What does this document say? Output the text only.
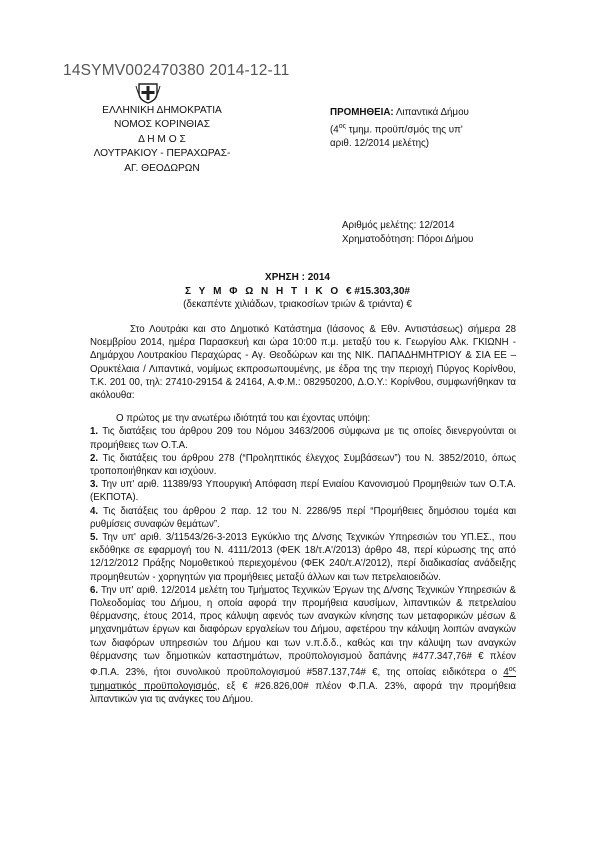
14SYMV002470380 2014-12-11
ΕΛΛΗΝΙΚΗ ΔΗΜΟΚΡΑΤΙΑ
ΝΟΜΟΣ ΚΟΡΙΝΘΙΑΣ
Δ Η Μ Ο Σ
ΛΟΥΤΡΑΚΙΟΥ - ΠΕΡΑΧΩΡΑΣ-
ΑΓ. ΘΕΟΔΩΡΩΝ
ΠΡΟΜΗΘΕΙΑ: Λιπαντικά Δήμου
($4^{o\varsigma}$ τμημ. προϋπ/σμός της υπ'
αριθ. 12/2014 μελέτης)
Αριθμός μελέτης: 12/2014
Χρηματοδότηση: Πόροι Δήμου
ΧΡΗΣΗ : 2014
Σ Υ Μ Φ Ω Ν Η Τ Ι Κ Ο € #15.303,30#
(δεκαπέντε χιλιάδων, τριακοσίων τριών & τριάντα) €

Στο Λουτράκι και στο Δημοτικό Κατάστημα (Ιάσονος & Εθν. Αντιστάσεως) σήμερα 28 Νοεμβρίου 2014, ημέρα Παρασκευή και ώρα 10:00 π.μ. μεταξύ του κ. Γεωργίου Αλκ. ΓΚΙΩΝΗ - Δημάρχου Λουτρακίου Περαχώρας - Αγ. Θεοδώρων και της ΝΙΚ. ΠΑΠΑΔΗΜΗΤΡΙΟΥ & ΣΙΑ ΕΕ – Ορυκτέλαια / Λιπαντικά, νομίμως εκπροσωπουμένης, με έδρα της την περιοχή Πύργος Κορίνθου, Τ.Κ. 201 00, τηλ: 27410-29154 & 24164, Α.Φ.Μ.: 082950200, Δ.Ο.Υ.: Κορίνθου, συμφωνήθηκαν τα ακόλουθα:

Ο πρώτος με την ανωτέρω ιδιότητά του και έχοντας υπόψη:

1. Τις διατάξεις του άρθρου 209 του Νόμου 3463/2006 σύμφωνα με τις οποίες διενεργούνται οι προμήθειες των Ο.Τ.Α.

2. Τις διατάξεις του άρθρου 278 (“Προληπτικός έλεγχος Συμβάσεων”) του Ν. 3852/2010, όπως τροποποιήθηκαν και ισχύουν.

3. Την υπ' αριθ. 11389/93 Υπουργική Απόφαση περί Ενιαίου Κανονισμού Προμηθειών των Ο.Τ.Α. (ΕΚΠΟΤΑ).

4. Τις διατάξεις του άρθρου 2 παρ. 12 του Ν. 2286/95 περί “Προμήθειες δημόσιου τομέα και ρυθμίσεις συναφών θεμάτων”.

5. Την υπ' αριθ. 3/11543/26-3-2013 Εγκύκλιο της Δ/νσης Τεχνικών Υπηρεσιών του ΥΠ.ΕΣ., που εκδόθηκε σε εφαρμογή του Ν. 4111/2013 (ΦΕΚ 18/τ.Α'/2013) άρθρο 48, περί κύρωσης της από 12/12/2012 Πράξης Νομοθετικού περιεχομένου (ΦΕΚ 240/τ.Α'/2012), περί διαδικασίας ανάδειξης προμηθευτών - χορηγητών για προμήθειες μεταξύ άλλων και των πετρελαιοειδών.

6. Την υπ' αριθ. 12/2014 μελέτη του Τμήματος Τεχνικών Έργων της Δ/νσης Τεχνικών Υπηρεσιών & Πολεοδομίας του Δήμου, η οποία αφορά την προμήθεια καυσίμων, λιπαντικών & πετρελαίου θέρμανσης, έτους 2014, προς κάλυψη αφενός των αναγκών κίνησης των μεταφορικών μέσων & μηχανημάτων έργων και διαφόρων εργαλείων του Δήμου, αφετέρου την κάλυψη λοιπών αναγκών των διαφόρων υπηρεσιών του Δήμου και των ν.π.δ.δ., καθώς και την κάλυψη των αναγκών θέρμανσης των δημοτικών καταστημάτων, προϋπολογισμού δαπάνης #477.347,76# € πλέον Φ.Π.Α. 23%, ήτοι συνολικού προϋπολογισμού #587.137,74# €, της οποίας ειδικότερα ο $4^{o\varsigma}$ τμηματικός προϋπολογισμός, εξ € #26.826,00# πλέον Φ.Π.Α. 23%, αφορά την προμήθεια λιπαντικών για τις ανάγκες του Δήμου.
